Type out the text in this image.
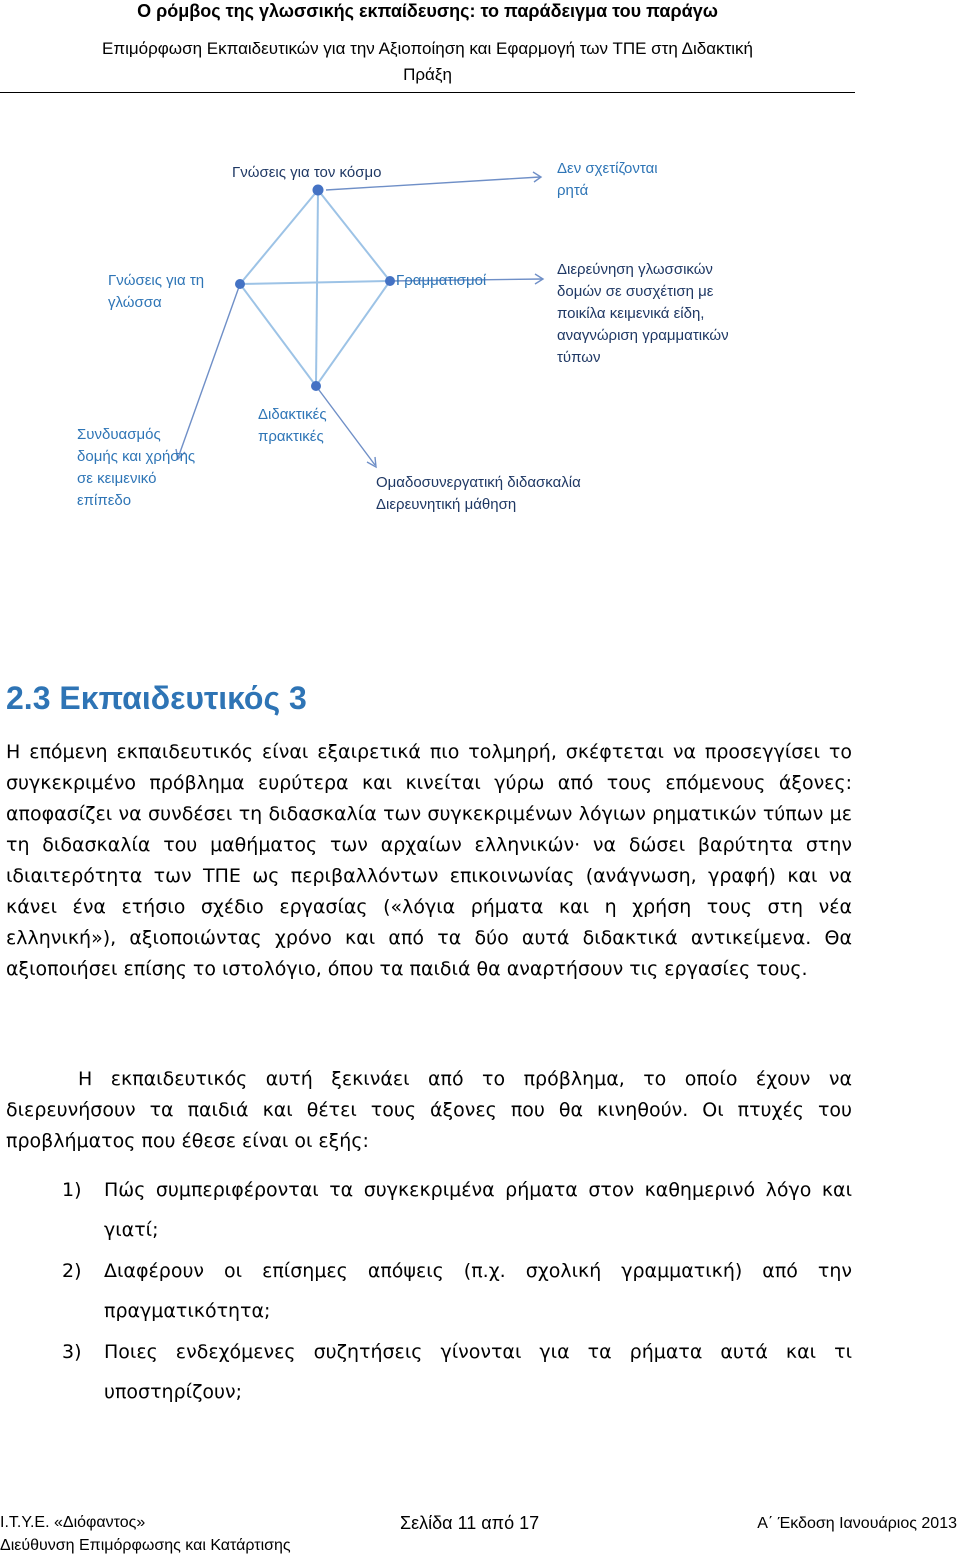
Ο ρόμβος της γλωσσικής εκπαίδευσης: το παράδειγμα του παράγω
Επιμόρφωση Εκπαιδευτικών για την Αξιοποίηση και Εφαρμογή των ΤΠΕ στη Διδακτική
Πράξη
Γνώσεις για τον κόσμο	Δεν σχετίζονται
ρητά
Γνώσεις για τη
γλώσσα
Γραμματισμοί
Διερεύνηση γλωσσικών
δομών σε συσχέτιση με
ποικίλα κειμενικά είδη,
αναγνώριση γραμματικών
τύπων
Διδακτικές
πρακτικές
Συνδυασμός
δομής και χρήσης
σε κειμενικό
επίπεδο
Ομαδοσυνεργατική διδασκαλία
Διερευνητική μάθηση
2.3 Εκπαιδευτικός 3

Η επόμενη εκπαιδευτικός είναι εξαιρετικά πιο τολμηρή, σκέφτεται να προσεγγίσει το συγκεκριμένο πρόβλημα ευρύτερα και κινείται γύρω από τους επόμενους άξονες: αποφασίζει να συνδέσει τη διδασκαλία των συγκεκριμένων λόγιων ρηματικών τύπων με τη διδασκαλία του μαθήματος των αρχαίων ελληνικών· να δώσει βαρύτητα στην ιδιαιτερότητα των ΤΠΕ ως περιβαλλόντων επικοινωνίας (ανάγνωση, γραφή) και να κάνει ένα ετήσιο σχέδιο εργασίας («λόγια ρήματα και η χρήση τους στη νέα ελληνική»), αξιοποιώντας χρόνο και από τα δύο αυτά διδακτικά αντικείμενα. Θα αξιοποιήσει επίσης το ιστολόγιο, όπου τα παιδιά θα αναρτήσουν τις εργασίες τους.

Η εκπαιδευτικός αυτή ξεκινάει από το πρόβλημα, το οποίο έχουν να διερευνήσουν τα παιδιά και θέτει τους άξονες που θα κινηθούν. Οι πτυχές του προβλήματος που έθεσε είναι οι εξής:

1) Πώς συμπεριφέρονται τα συγκεκριμένα ρήματα στον καθημερινό λόγο και γιατί;
2) Διαφέρουν οι επίσημες απόψεις (π.χ. σχολική γραμματική) από την πραγματικότητα;
3) Ποιες ενδεχόμενες συζητήσεις γίνονται για τα ρήματα αυτά και τι υποστηρίζουν;
Ι.Τ.Υ.Ε. «Διόφαντος»	Σελίδα 11 από 17	Α΄ Έκδοση Ιανουάριος 2013
Διεύθυνση Επιμόρφωσης και Κατάρτισης
